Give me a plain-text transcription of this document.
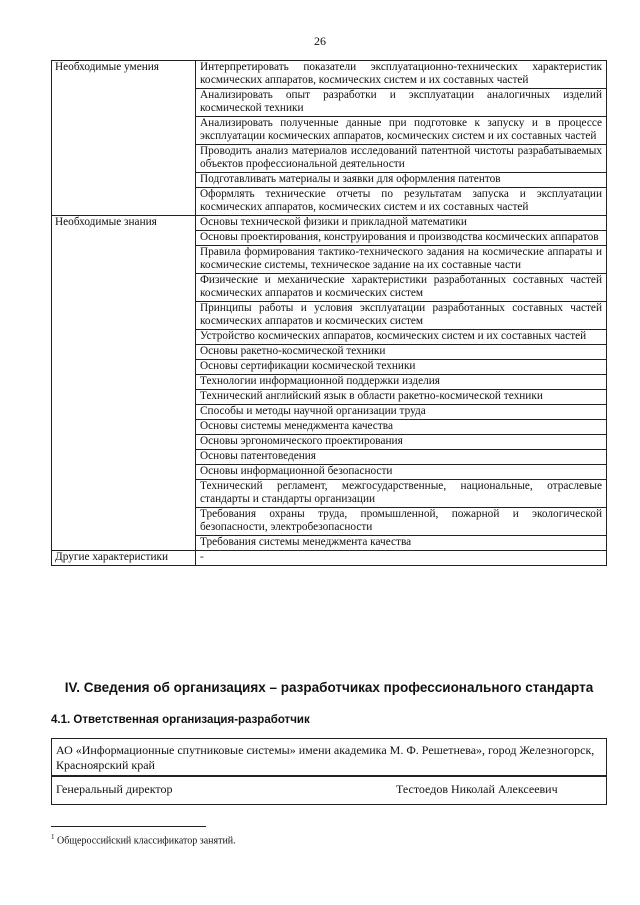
26
Необходимые умения	Интерпретировать показатели эксплуатационно-технических характеристик космических аппаратов, космических систем и их составных частей
	Анализировать опыт разработки и эксплуатации аналогичных изделий космической техники
	Анализировать полученные данные при подготовке к запуску и в процессе эксплуатации космических аппаратов, космических систем и их составных частей
	Проводить анализ материалов исследований патентной чистоты разрабатываемых объектов профессиональной деятельности
	Подготавливать материалы и заявки для оформления патентов
	Оформлять технические отчеты по результатам запуска и эксплуатации космических аппаратов, космических систем и их составных частей
Необходимые знания	Основы технической физики и прикладной математики
	Основы проектирования, конструирования и производства космических аппаратов
	Правила формирования тактико-технического задания на космические аппараты и космические системы, техническое задание на их составные части
	Физические и механические характеристики разработанных составных частей космических аппаратов и космических систем
	Принципы работы и условия эксплуатации разработанных составных частей космических аппаратов и космических систем
	Устройство космических аппаратов, космических систем и их составных частей
	Основы ракетно-космической техники
	Основы сертификации космической техники
	Технологии информационной поддержки изделия
	Технический английский язык в области ракетно-космической техники
	Способы и методы научной организации труда
	Основы системы менеджмента качества
	Основы эргономического проектирования
	Основы патентоведения
	Основы информационной безопасности
	Технический регламент, межгосударственные, национальные, отраслевые стандарты и стандарты организации
	Требования охраны труда, промышленной, пожарной и экологической безопасности, электробезопасности
	Требования системы менеджмента качества
Другие характеристики	-
IV. Сведения об организациях – разработчиках профессионального стандарта
4.1. Ответственная организация-разработчик
АО «Информационные спутниковые системы» имени академика М. Ф. Решетнева», город Железногорск, Красноярский край
Генеральный директор	Тестоедов Николай Алексеевич
$^1$ Общероссийский классификатор занятий.
